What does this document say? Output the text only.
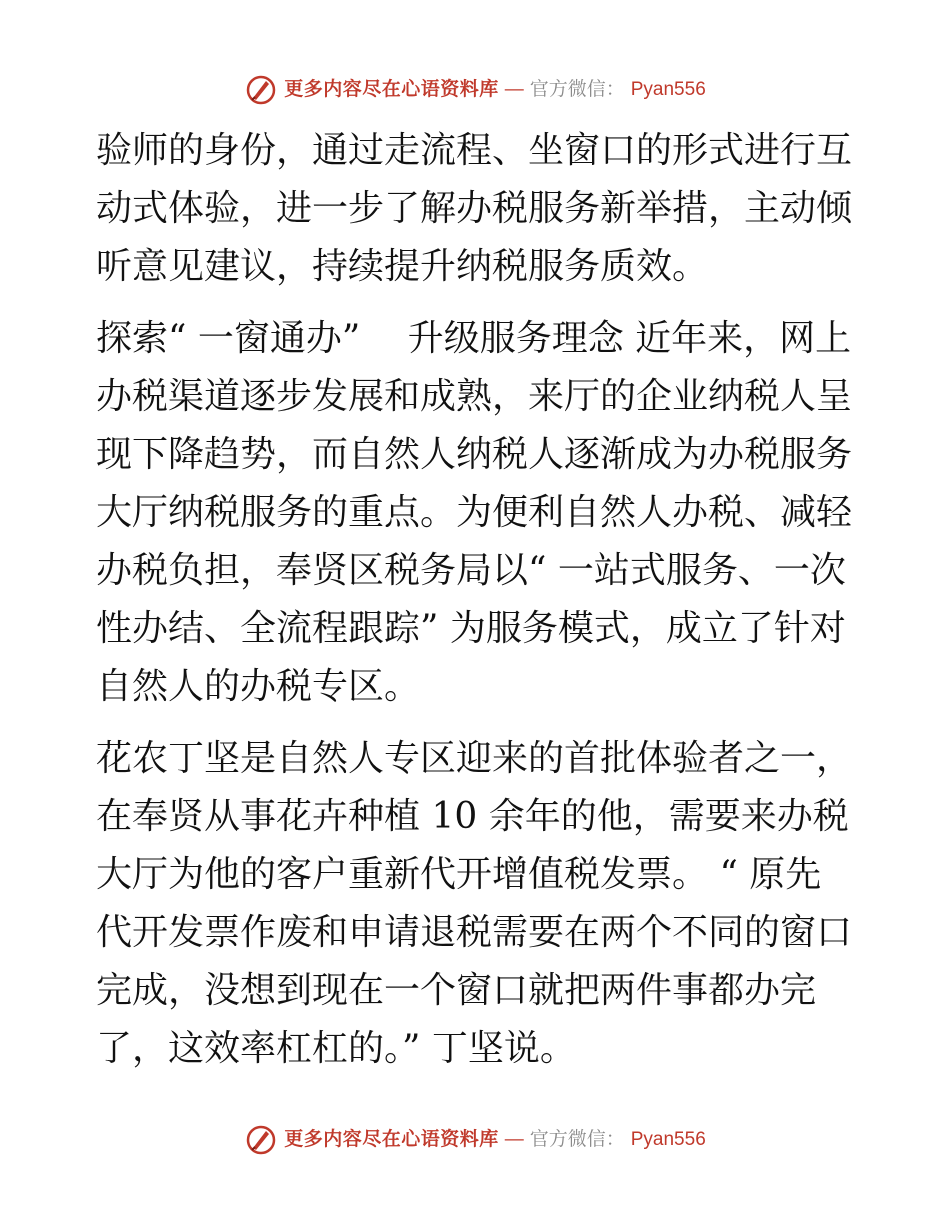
更多内容尽在心语资料库 — 官方微信： Pyan556

验师的身份，通过走流程、坐窗口的形式进行互动式体验，进一步了解办税服务新举措，主动倾听意见建议，持续提升纳税服务质效。

探索“ 一窗通办”　 升级服务理念 近年来，网上办税渠道逐步发展和成熟，来厅的企业纳税人呈现下降趋势，而自然人纳税人逐渐成为办税服务大厅纳税服务的重点。为便利自然人办税、减轻办税负担，奉贤区税务局以“ 一站式服务、一次性办结、全流程跟踪” 为服务模式，成立了针对自然人的办税专区。

花农丁坚是自然人专区迎来的首批体验者之一，在奉贤从事花卉种植 10 余年的他，需要来办税大厅为他的客户重新代开增值税发票。 “ 原先代开发票作废和申请退税需要在两个不同的窗口完成，没想到现在一个窗口就把两件事都办完了，这效率杠杠的。” 丁坚说。

更多内容尽在心语资料库 — 官方微信： Pyan556
